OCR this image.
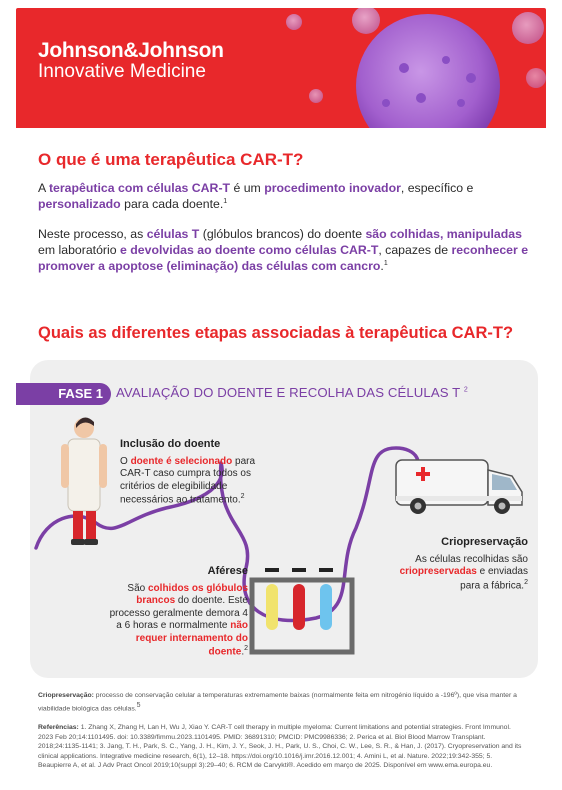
Johnson&Johnson
Innovative Medicine
O que é uma terapêutica CAR-T?

A terapêutica com células CAR-T é um procedimento inovador, específico e personalizado para cada doente.$^1$

Neste processo, as células T (glóbulos brancos) do doente são colhidas, manipuladas em laboratório e devolvidas ao doente como células CAR-T, capazes de reconhecer e promover a apoptose (eliminação) das células com cancro.$^1$

Quais as diferentes etapas associadas à terapêutica CAR-T?
FASE 1 AVALIAÇÃO DO DOENTE E RECOLHA DAS CÉLULAS T $^2$
Inclusão do doente
O doente é selecionado para CAR-T caso cumpra todos os critérios de elegibilidade necessários ao tratamento.$^2$
Criopreservação
As células recolhidas são criopreservadas e enviadas para a fábrica.$^2$
Aférese
São colhidos os glóbulos brancos do doente. Este processo geralmente demora 4 a 6 horas e normalmente não requer internamento do doente.$^2$

Criopreservação: processo de conservação celular a temperaturas extremamente baixas (normalmente feita em nitrogénio líquido a -196º), que visa manter a viabilidade biológica das células.$^5$

Referências: 1. Zhang X, Zhang H, Lan H, Wu J, Xiao Y. CAR-T cell therapy in multiple myeloma: Current limitations and potential strategies. Front Immunol. 2023 Feb 20;14:1101495. doi: 10.3389/fimmu.2023.1101495. PMID: 36891310; PMCID: PMC9986336; 2. Perica et al. Biol Blood Marrow Transplant. 2018;24:1135-1141; 3. Jang, T. H., Park, S. C., Yang, J. H., Kim, J. Y., Seok, J. H., Park, U. S., Choi, C. W., Lee, S. R., & Han, J. (2017). Cryopreservation and its clinical applications. Integrative medicine research, 6(1), 12–18. https://doi.org/10.1016/j.imr.2016.12.001; 4. Amini L, et al. Nature. 2022;19:342-355; 5. Beaupierre A, et al. J Adv Pract Oncol 2019;10(suppl 3):29–40; 6. RCM de Carvykti®. Acedido em março de 2025. Disponível em www.ema.europa.eu.
